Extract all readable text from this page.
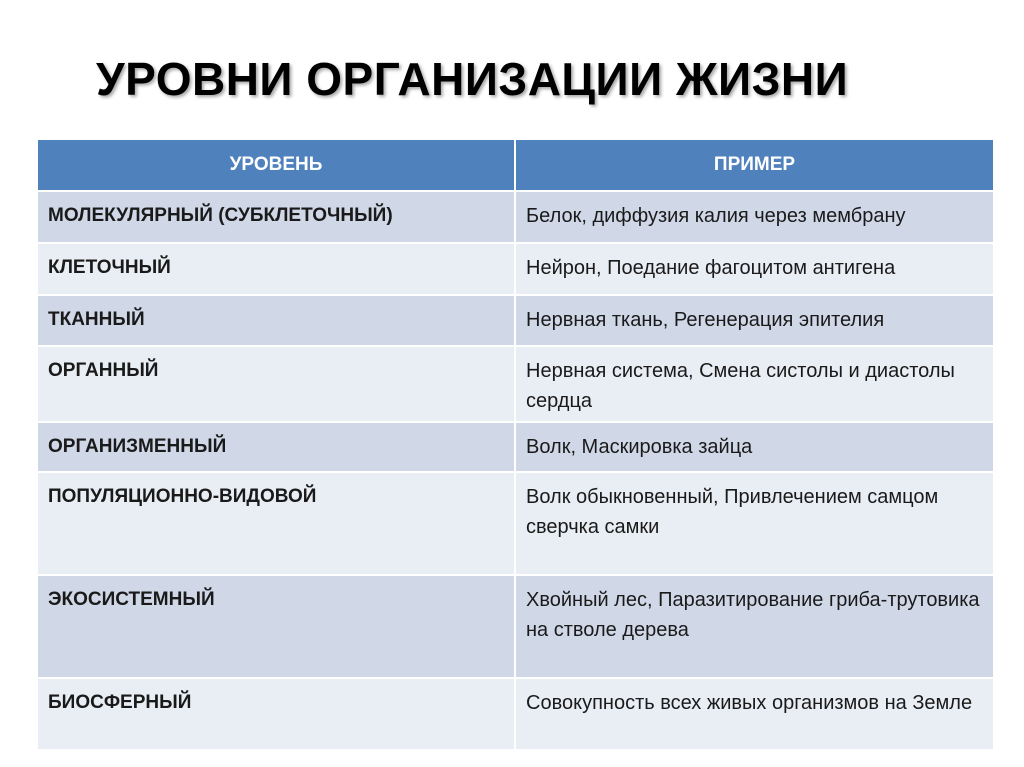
УРОВНИ ОРГАНИЗАЦИИ ЖИЗНИ
УРОВЕНЬ	ПРИМЕР
МОЛЕКУЛЯРНЫЙ (СУБКЛЕТОЧНЫЙ)	Белок, диффузия калия через мембрану
КЛЕТОЧНЫЙ	Нейрон, Поедание фагоцитом антигена
ТКАННЫЙ	Нервная ткань, Регенерация эпителия
ОРГАННЫЙ	Нервная система, Смена систолы и диастолы сердца
ОРГАНИЗМЕННЫЙ	Волк, Маскировка зайца
ПОПУЛЯЦИОННО-ВИДОВОЙ	Волк обыкновенный, Привлечением самцом сверчка самки
ЭКОСИСТЕМНЫЙ	Хвойный лес, Паразитирование гриба-трутовика на стволе дерева
БИОСФЕРНЫЙ	Совокупность всех живых организмов на Земле
